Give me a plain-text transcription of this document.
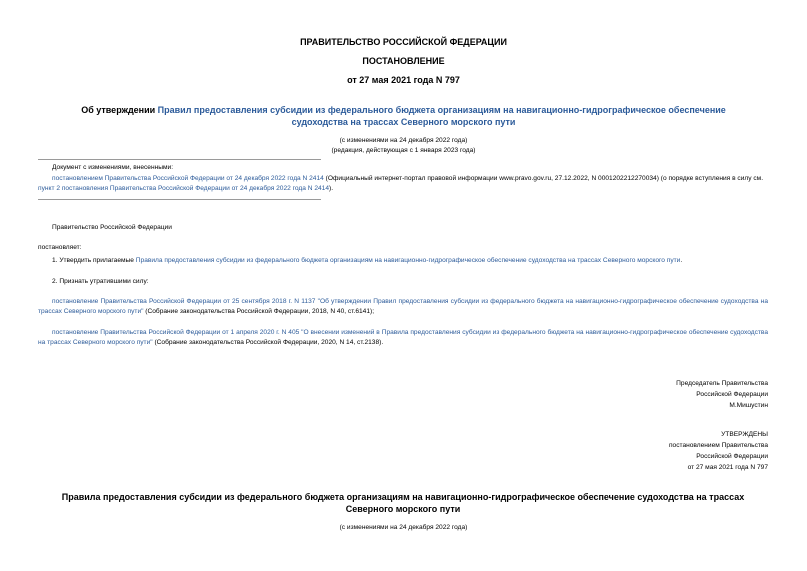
ПРАВИТЕЛЬСТВО РОССИЙСКОЙ ФЕДЕРАЦИИ
ПОСТАНОВЛЕНИЕ
от 27 мая 2021 года N 797
Об утверждении Правил предоставления субсидии из федерального бюджета организациям на навигационно-гидрографическое обеспечение судоходства на трассах Северного морского пути
(с изменениями на 24 декабря 2022 года)
(редакция, действующая с 1 января 2023 года)
Документ с изменениями, внесенными:
постановлением Правительства Российской Федерации от 24 декабря 2022 года N 2414 (Официальный интернет-портал правовой информации www.pravo.gov.ru, 27.12.2022, N 0001202212270034) (о порядке вступления в силу см. пункт 2 постановления Правительства Российской Федерации от 24 декабря 2022 года N 2414).
Правительство Российской Федерации
постановляет:
1. Утвердить прилагаемые Правила предоставления субсидии из федерального бюджета организациям на навигационно-гидрографическое обеспечение судоходства на трассах Северного морского пути.
2. Признать утратившими силу:
постановление Правительства Российской Федерации от 25 сентября 2018 г. N 1137 "Об утверждении Правил предоставления субсидии из федерального бюджета на навигационно-гидрографическое обеспечение судоходства на трассах Северного морского пути" (Собрание законодательства Российской Федерации, 2018, N 40, ст.6141);
постановление Правительства Российской Федерации от 1 апреля 2020 г. N 405 "О внесении изменений в Правила предоставления субсидии из федерального бюджета на навигационно-гидрографическое обеспечение судоходства на трассах Северного морского пути" (Собрание законодательства Российской Федерации, 2020, N 14, ст.2138).
Председатель Правительства
Российской Федерации
М.Мишустин
УТВЕРЖДЕНЫ
постановлением Правительства
Российской Федерации
от 27 мая 2021 года N 797
Правила предоставления субсидии из федерального бюджета организациям на навигационно-гидрографическое обеспечение судоходства на трассах Северного морского пути
(с изменениями на 24 декабря 2022 года)
